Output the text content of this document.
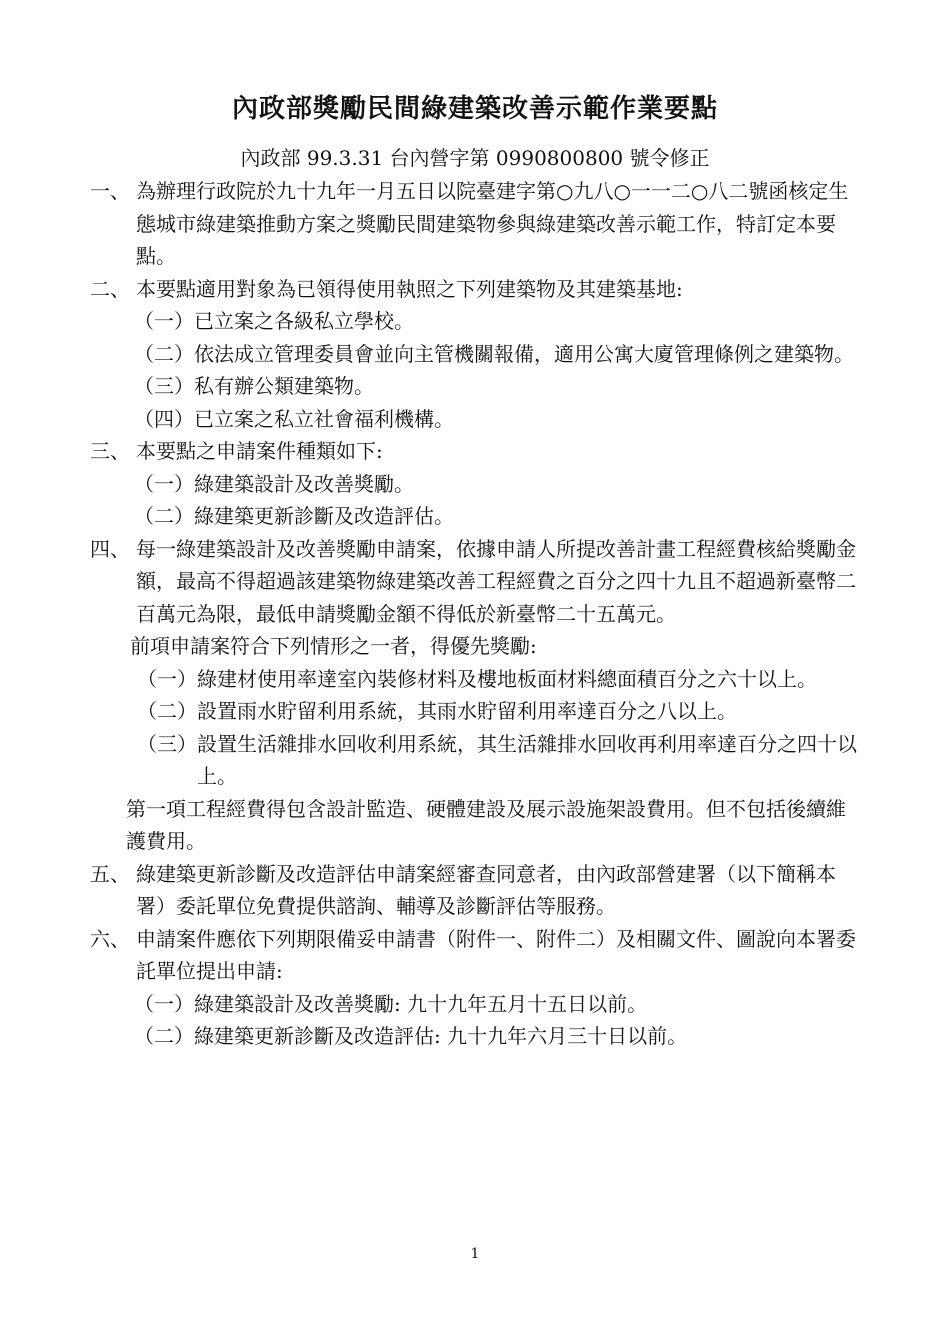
內政部獎勵民間綠建築改善示範作業要點
內政部 99.3.31 台內營字第 0990800800 號令修正
一、 為辦理行政院於九十九年一月五日以院臺建字第○九八○一一二○八二號函核定生態城市綠建築推動方案之獎勵民間建築物參與綠建築改善示範工作，特訂定本要點。
二、 本要點適用對象為已領得使用執照之下列建築物及其建築基地:
（一） 已立案之各級私立學校。
（二） 依法成立管理委員會並向主管機關報備，適用公寓大廈管理條例之建築物。
（三） 私有辦公類建築物。
（四） 已立案之私立社會福利機構。
三、 本要點之申請案件種類如下:
（一） 綠建築設計及改善獎勵。
（二） 綠建築更新診斷及改造評估。
四、 每一綠建築設計及改善獎勵申請案，依據申請人所提改善計畫工程經費核給獎勵金額，最高不得超過該建築物綠建築改善工程經費之百分之四十九且不超過新臺幣二百萬元為限，最低申請獎勵金額不得低於新臺幣二十五萬元。
前項申請案符合下列情形之一者，得優先獎勵:
（一） 綠建材使用率達室內裝修材料及樓地板面材料總面積百分之六十以上。
（二） 設置雨水貯留利用系統，其雨水貯留利用率達百分之八以上。
（三） 設置生活雜排水回收利用系統，其生活雜排水回收再利用率達百分之四十以上。
第一項工程經費得包含設計監造、硬體建設及展示設施架設費用。但不包括後續維護費用。
五、 綠建築更新診斷及改造評估申請案經審查同意者，由內政部營建署（以下簡稱本署）委託單位免費提供諮詢、輔導及診斷評估等服務。
六、 申請案件應依下列期限備妥申請書（附件一、附件二）及相關文件、圖說向本署委託單位提出申請:
（一） 綠建築設計及改善獎勵: 九十九年五月十五日以前。
（二） 綠建築更新診斷及改造評估: 九十九年六月三十日以前。
1
